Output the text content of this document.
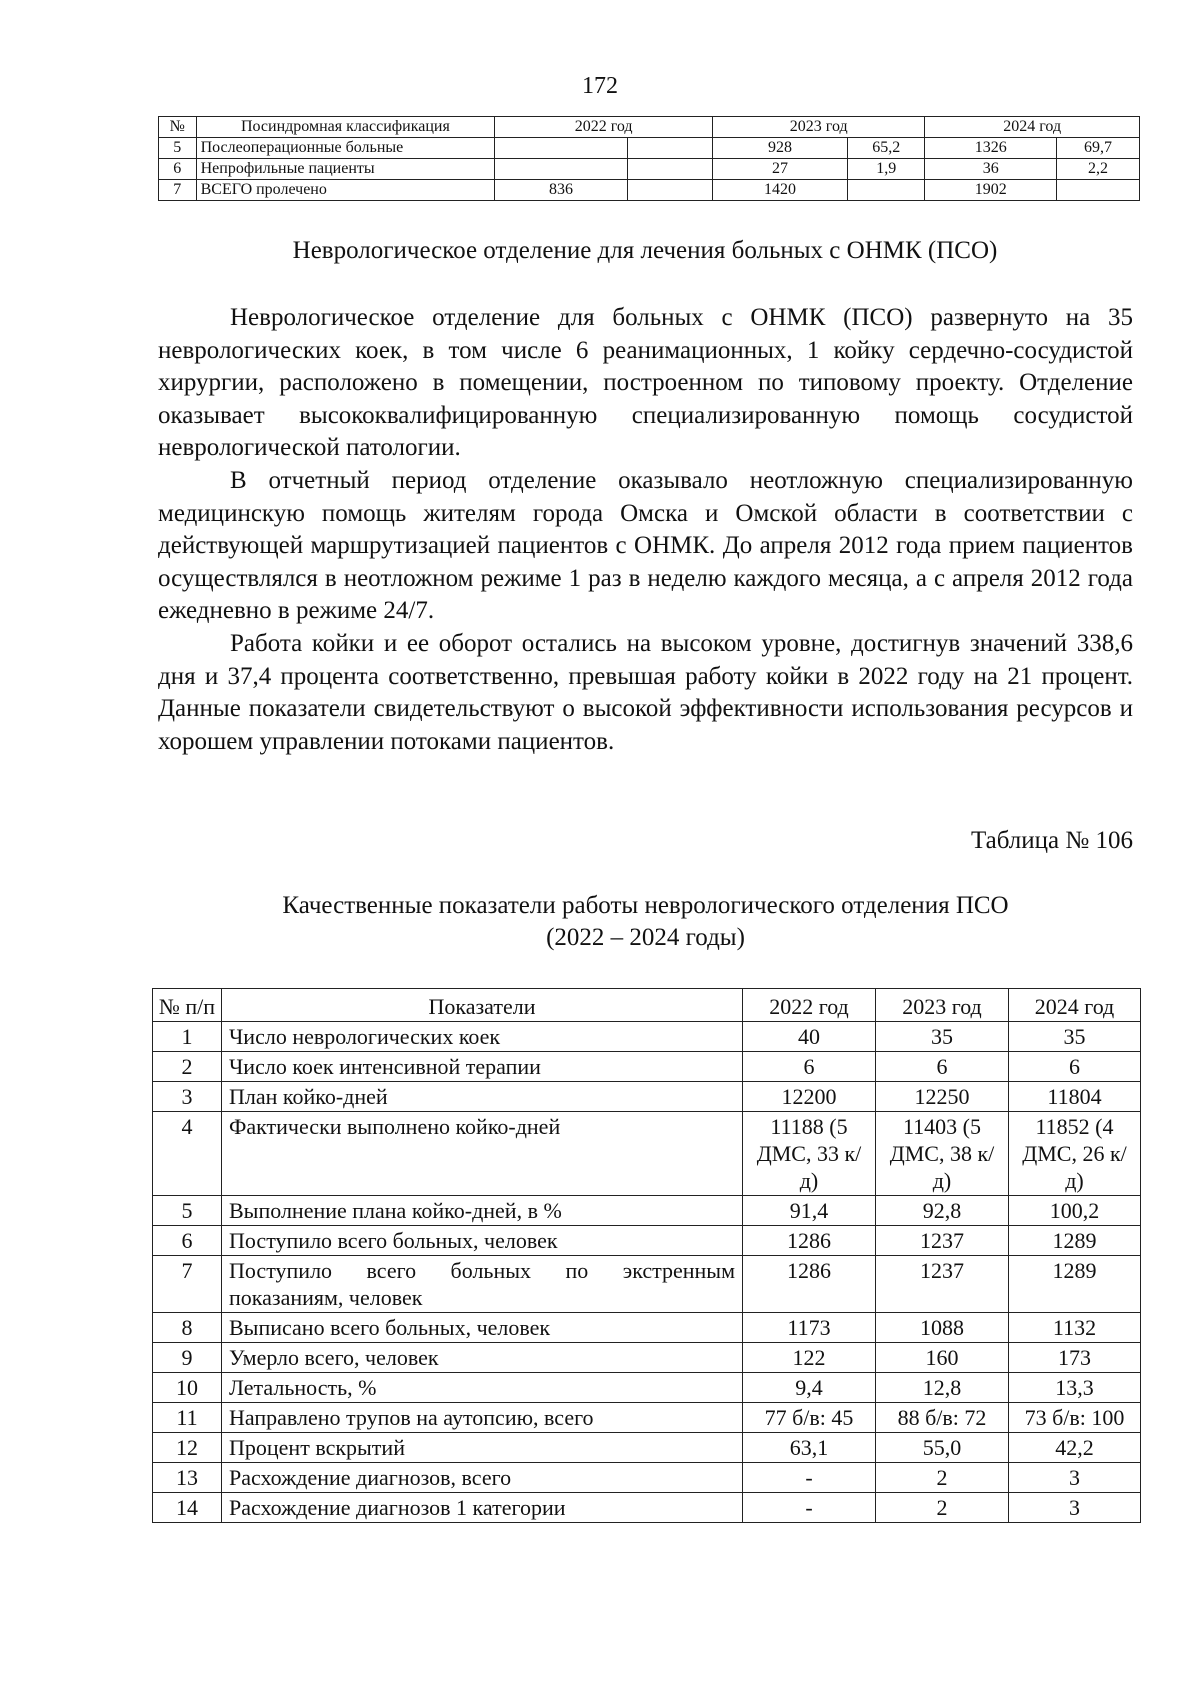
172
№	Посиндромная классификация	2022 год		2023 год		2024 год	
5	Послеоперационные больные			928	65,2	1326	69,7
6	Непрофильные пациенты			27	1,9	36	2,2
7	ВСЕГО пролечено	836		1420		1902	
Неврологическое отделение для лечения больных с ОНМК (ПСО)

Неврологическое отделение для больных с ОНМК (ПСО) развернуто на 35 неврологических коек, в том числе 6 реанимационных, 1 койку сердечно-сосудистой хирургии, расположено в помещении, построенном по типовому проекту. Отделение оказывает высококвалифицированную специализированную помощь сосудистой неврологической патологии.

В отчетный период отделение оказывало неотложную специализированную медицинскую помощь жителям города Омска и Омской области в соответствии с действующей маршрутизацией пациентов с ОНМК. До апреля 2012 года прием пациентов осуществлялся в неотложном режиме 1 раз в неделю каждого месяца, а с апреля 2012 года ежедневно в режиме 24/7.

Работа койки и ее оборот остались на высоком уровне, достигнув значений 338,6 дня и 37,4 процента соответственно, превышая работу койки в 2022 году на 21 процент. Данные показатели свидетельствуют о высокой эффективности использования ресурсов и хорошем управлении потоками пациентов.

Таблица № 106
Качественные показатели работы неврологического отделения ПСО
(2022 – 2024 годы)
№ п/п	Показатели	2022 год	2023 год	2024 год
1	Число неврологических коек	40	35	35
2	Число коек интенсивной терапии	6	6	6
3	План койко-дней	12200	12250	11804
4	Фактически выполнено койко-дней	11188 (5 ДМС, 33 к/д)	11403 (5 ДМС, 38 к/д)	11852 (4 ДМС, 26 к/д)
5	Выполнение плана койко-дней, в %	91,4	92,8	100,2
6	Поступило всего больных, человек	1286	1237	1289
7	Поступило всего больных по экстренным показаниям, человек	1286	1237	1289
8	Выписано всего больных, человек	1173	1088	1132
9	Умерло всего, человек	122	160	173
10	Летальность, %	9,4	12,8	13,3
11	Направлено трупов на аутопсию, всего	77 б/в: 45	88 б/в: 72	73 б/в: 100
12	Процент вскрытий	63,1	55,0	42,2
13	Расхождение диагнозов, всего	-	2	3
14	Расхождение диагнозов 1 категории	-	2	3
